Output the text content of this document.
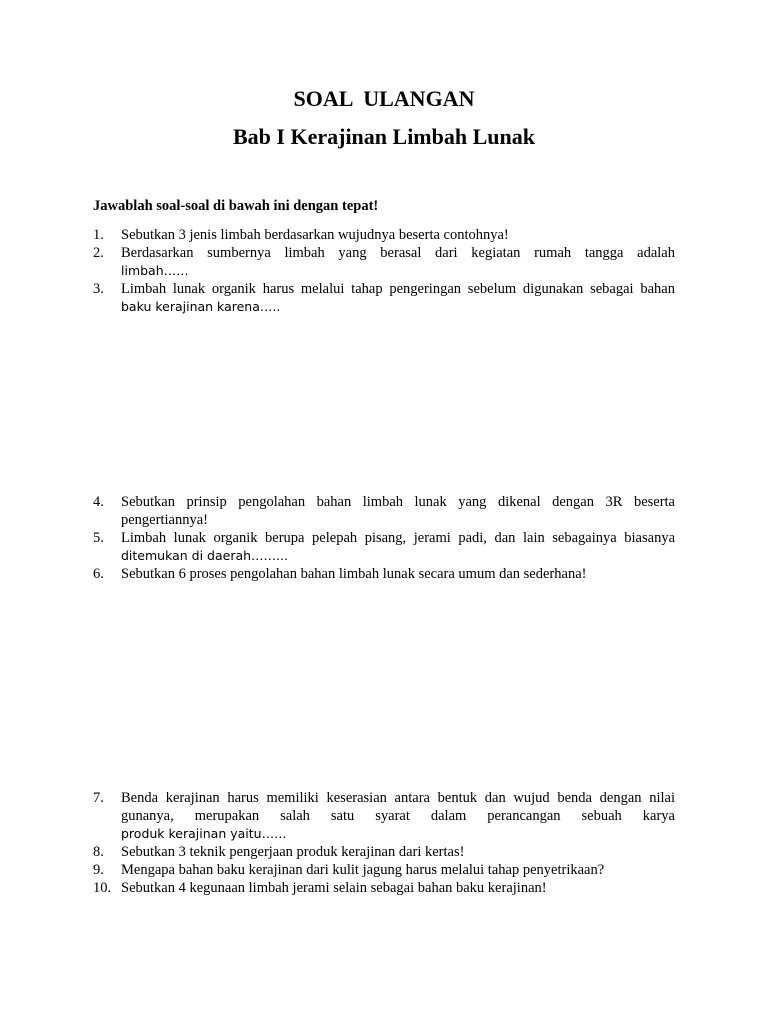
SOAL  ULANGAN
Bab I Kerajinan Limbah Lunak
Jawablah soal-soal di bawah ini dengan tepat!
1. Sebutkan 3 jenis limbah berdasarkan wujudnya beserta contohnya!
2. Berdasarkan sumbernya limbah yang berasal dari kegiatan rumah tangga adalah
limbah……
3. Limbah lunak organik harus melalui tahap pengeringan sebelum digunakan sebagai bahan
baku kerajinan karena…..
4. Sebutkan prinsip pengolahan bahan limbah lunak yang dikenal dengan 3R beserta pengertiannya!
5. Limbah lunak organik berupa pelepah pisang, jerami padi, dan lain sebagainya biasanya
ditemukan di daerah……...
6. Sebutkan 6 proses pengolahan bahan limbah lunak secara umum dan sederhana!
7. Benda kerajinan harus memiliki keserasian antara bentuk dan wujud benda dengan nilai gunanya, merupakan salah satu syarat dalam perancangan sebuah karya
produk kerajinan yaitu……
8. Sebutkan 3 teknik pengerjaan produk kerajinan dari kertas!
9. Mengapa bahan baku kerajinan dari kulit jagung harus melalui tahap penyetrikaan?
10. Sebutkan 4 kegunaan limbah jerami selain sebagai bahan baku kerajinan!
